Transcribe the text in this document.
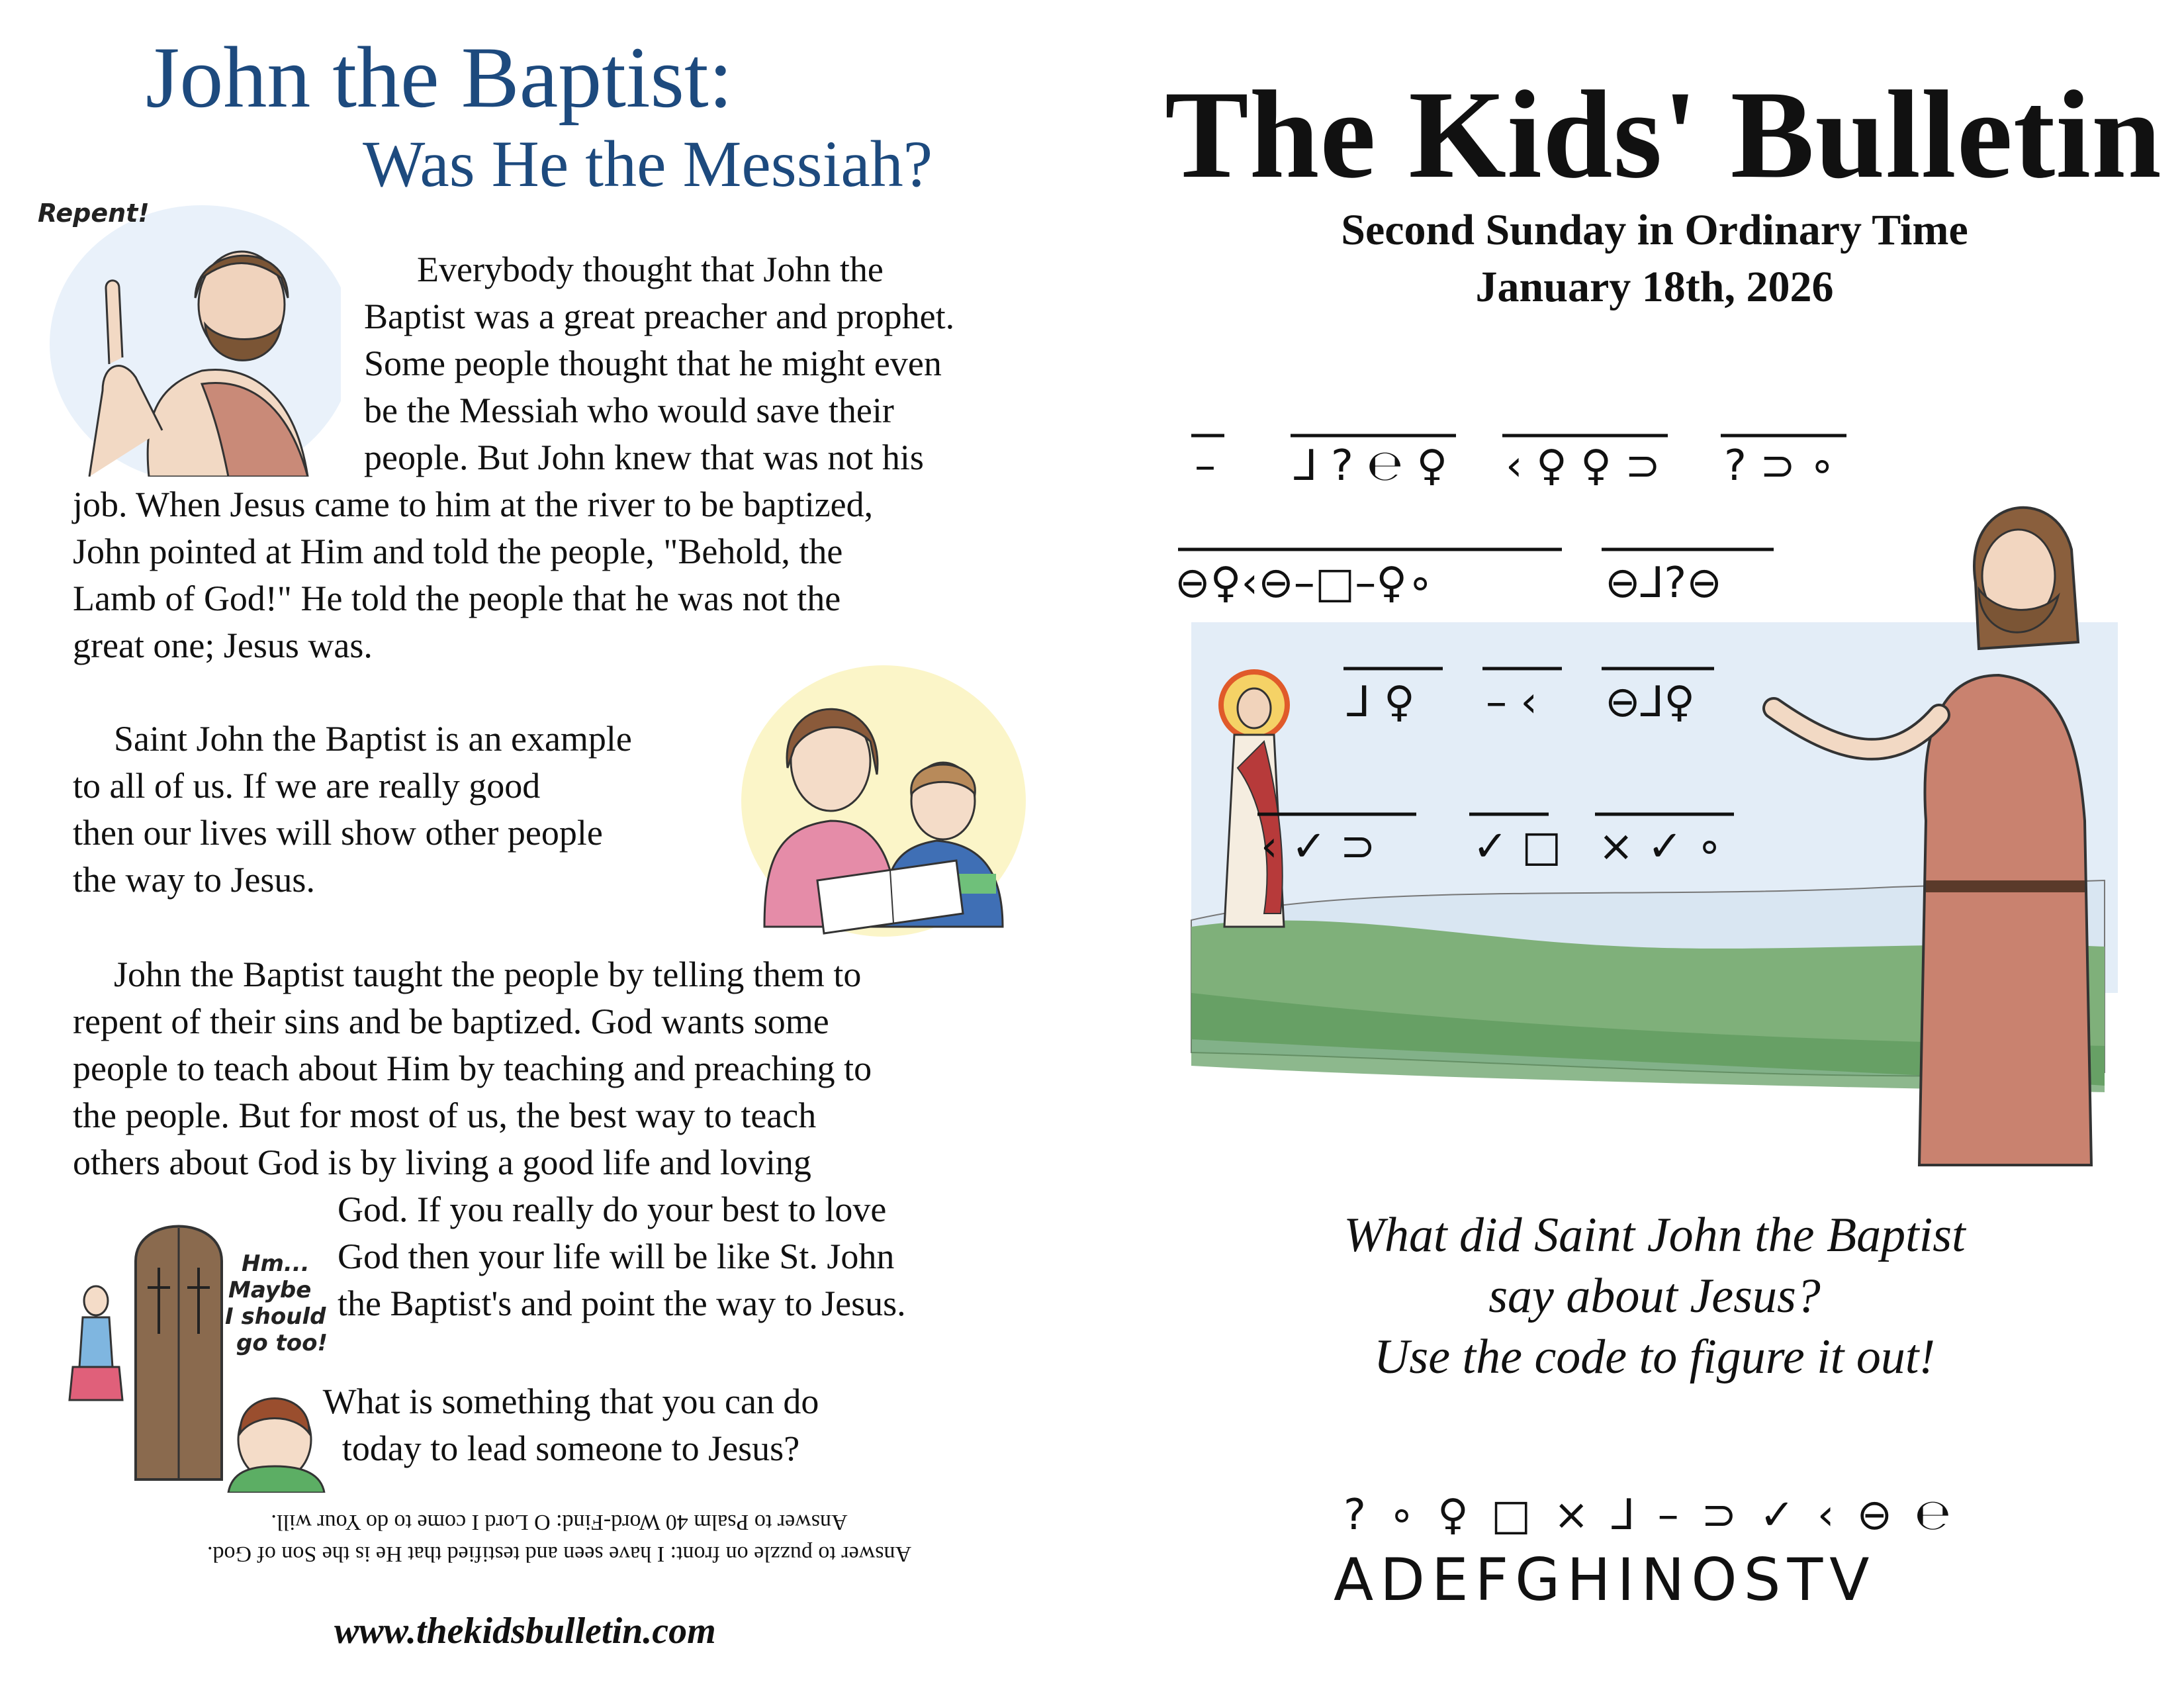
John the Baptist:
Was He the Messiah?
Repent!
Everybody thought that John the
Baptist was a great preacher and prophet.
Some people thought that he might even
be the Messiah who would save their
people. But John knew that was not his
job. When Jesus came to him at the river to be baptized,
John pointed at Him and told the people, "Behold, the
Lamb of God!" He told the people that he was not the
great one; Jesus was.
Saint John the Baptist is an example
to all of us. If we are really good
then our lives will show other people
the way to Jesus.
John the Baptist taught the people by telling them to
repent of their sins and be baptized. God wants some
people to teach about Him by teaching and preaching to
the people. But for most of us, the best way to teach
others about God is by living a good life and loving
God. If you really do your best to love
God then your life will be like St. John
the Baptist's and point the way to Jesus.
Hm...
Maybe
I should
go too!
What is something that you can do
today to lead someone to Jesus?
Answer to puzzle on front: I have seen and testified that He is the Son of God.
Answer to Psalm 40 Word-Find: O Lord I come to do Your will.
www.thekidsbulletin.com
The Kids' Bulletin
Second Sunday in Ordinary Time
January 18th, 2026
– ⅃ ? ℮ ♀ ‹ ♀ ♀ ⊃ ? ⊃ ∘
⊖♀‹⊖–□–♀∘	⊖⅃?⊖
⅃ ♀ – ‹ ⊖⅃♀
‹ ✓ ⊃ ✓ □ × ✓ ∘
What did Saint John the Baptist
say about Jesus?
Use the code to figure it out!
?∘♀□×⅃–⊃✓‹⊖℮
ADEFGHINOSTV
